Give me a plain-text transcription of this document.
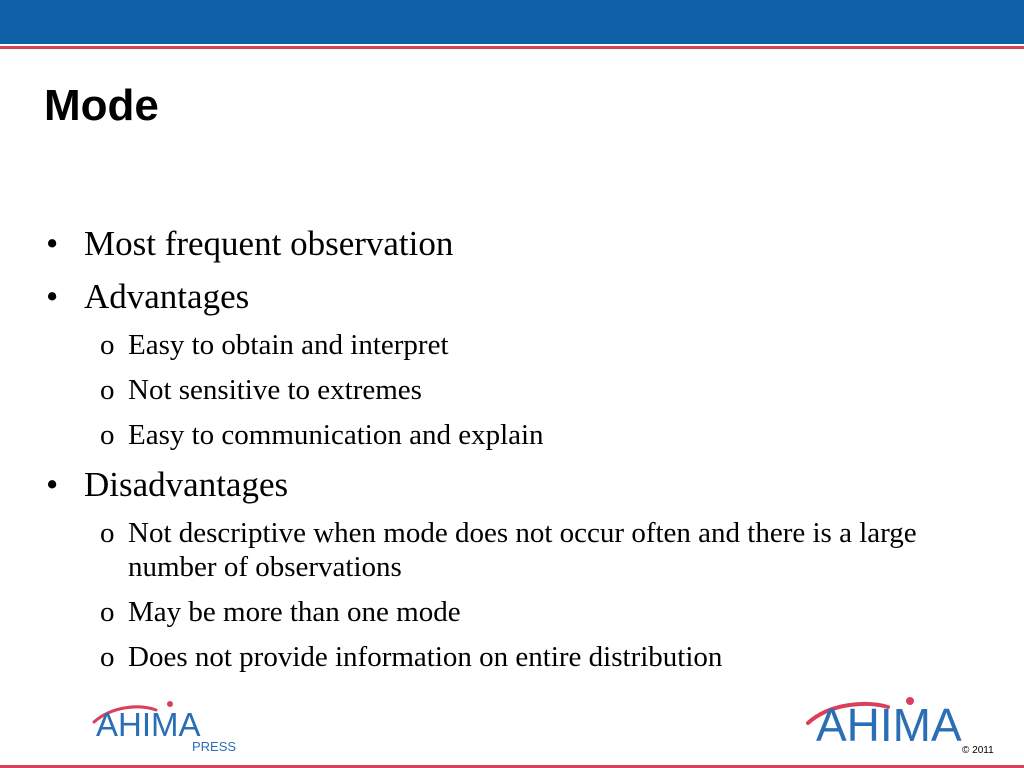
Mode
• Most frequent observation
• Advantages
o Easy to obtain and interpret
o Not sensitive to extremes
o Easy to communication and explain
• Disadvantages
o Not descriptive when mode does not occur often and there is a large number of observations
o May be more than one mode
o Does not provide information on entire distribution
AHIMA
PRESS	AHIMA © 2011
